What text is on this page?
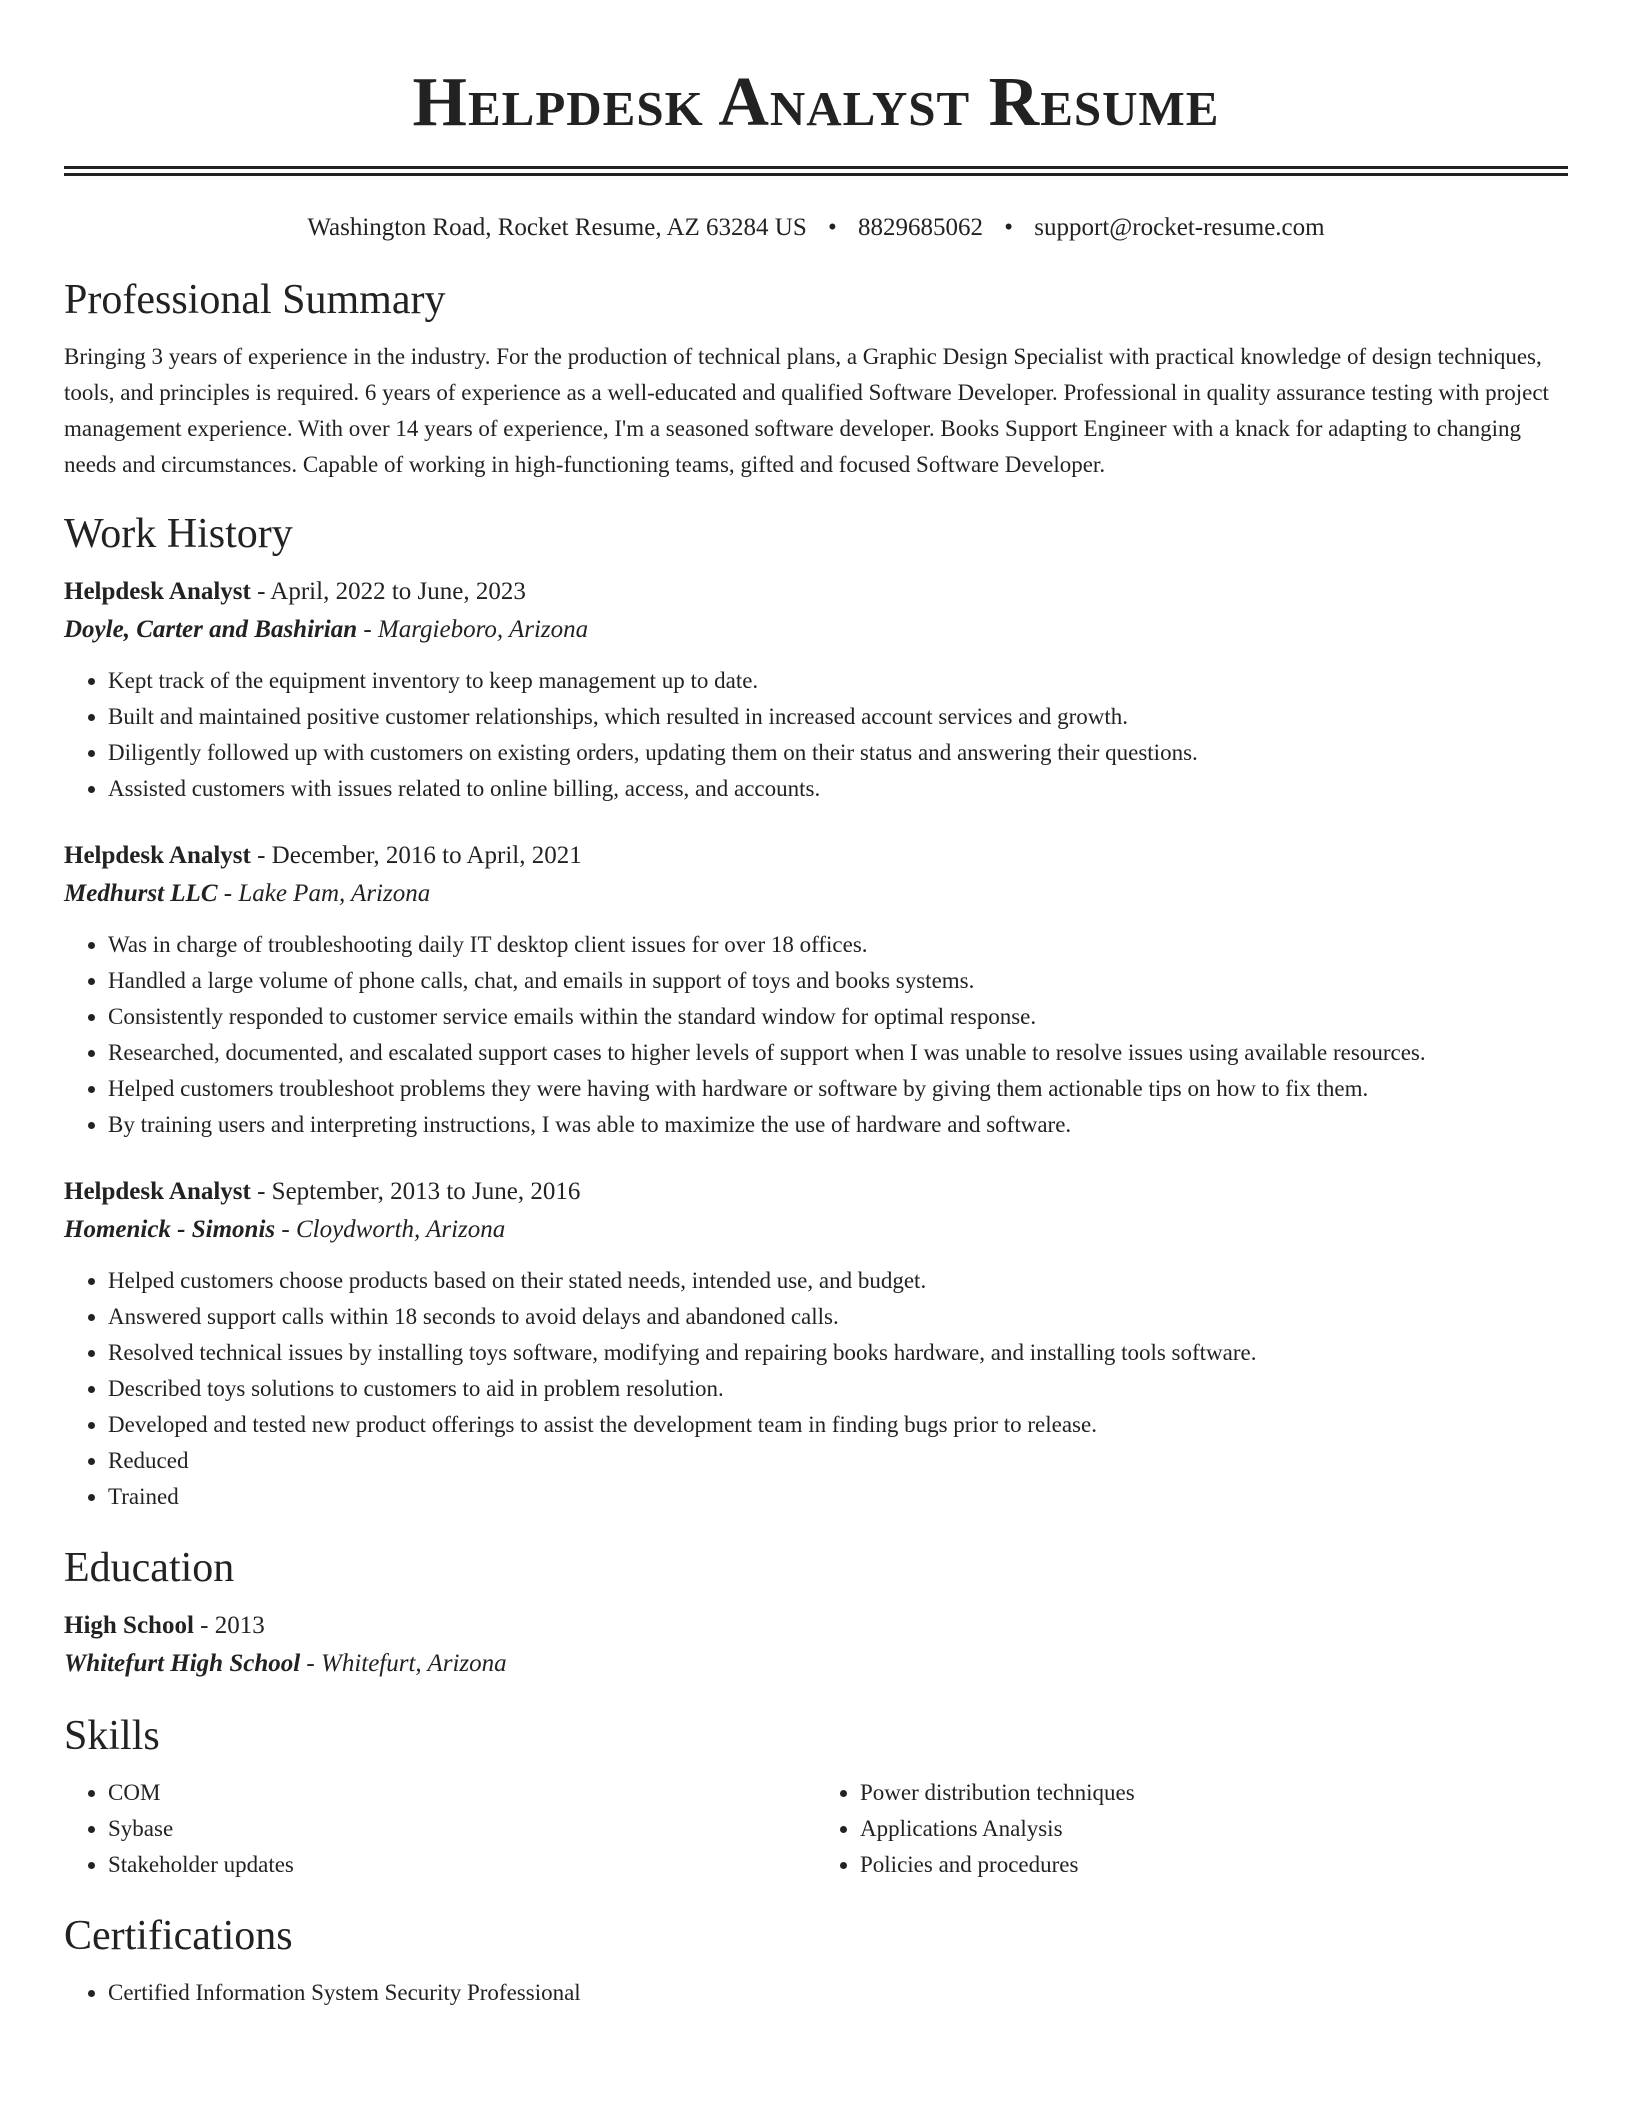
Helpdesk Analyst Resume
Washington Road, Rocket Resume, AZ 63284 US • 8829685062 • support@rocket-resume.com
Professional Summary

Bringing 3 years of experience in the industry. For the production of technical plans, a Graphic Design Specialist with practical knowledge of design techniques, tools, and principles is required. 6 years of experience as a well-educated and qualified Software Developer. Professional in quality assurance testing with project management experience. With over 14 years of experience, I'm a seasoned software developer. Books Support Engineer with a knack for adapting to changing needs and circumstances. Capable of working in high-functioning teams, gifted and focused Software Developer.

Work History
Helpdesk Analyst - April, 2022 to June, 2023
Doyle, Carter and Bashirian - Margieboro, Arizona
• Kept track of the equipment inventory to keep management up to date.
• Built and maintained positive customer relationships, which resulted in increased account services and growth.
• Diligently followed up with customers on existing orders, updating them on their status and answering their questions.
• Assisted customers with issues related to online billing, access, and accounts.
Helpdesk Analyst - December, 2016 to April, 2021
Medhurst LLC - Lake Pam, Arizona
• Was in charge of troubleshooting daily IT desktop client issues for over 18 offices.
• Handled a large volume of phone calls, chat, and emails in support of toys and books systems.
• Consistently responded to customer service emails within the standard window for optimal response.
• Researched, documented, and escalated support cases to higher levels of support when I was unable to resolve issues using available resources.
• Helped customers troubleshoot problems they were having with hardware or software by giving them actionable tips on how to fix them.
• By training users and interpreting instructions, I was able to maximize the use of hardware and software.
Helpdesk Analyst - September, 2013 to June, 2016
Homenick - Simonis - Cloydworth, Arizona
• Helped customers choose products based on their stated needs, intended use, and budget.
• Answered support calls within 18 seconds to avoid delays and abandoned calls.
• Resolved technical issues by installing toys software, modifying and repairing books hardware, and installing tools software.
• Described toys solutions to customers to aid in problem resolution.
• Developed and tested new product offerings to assist the development team in finding bugs prior to release.
• Reduced
• Trained
Education
High School - 2013
Whitefurt High School - Whitefurt, Arizona
Skills
• COM
• Sybase
• Stakeholder updates
• Power distribution techniques
• Applications Analysis
• Policies and procedures
Certifications
• Certified Information System Security Professional
